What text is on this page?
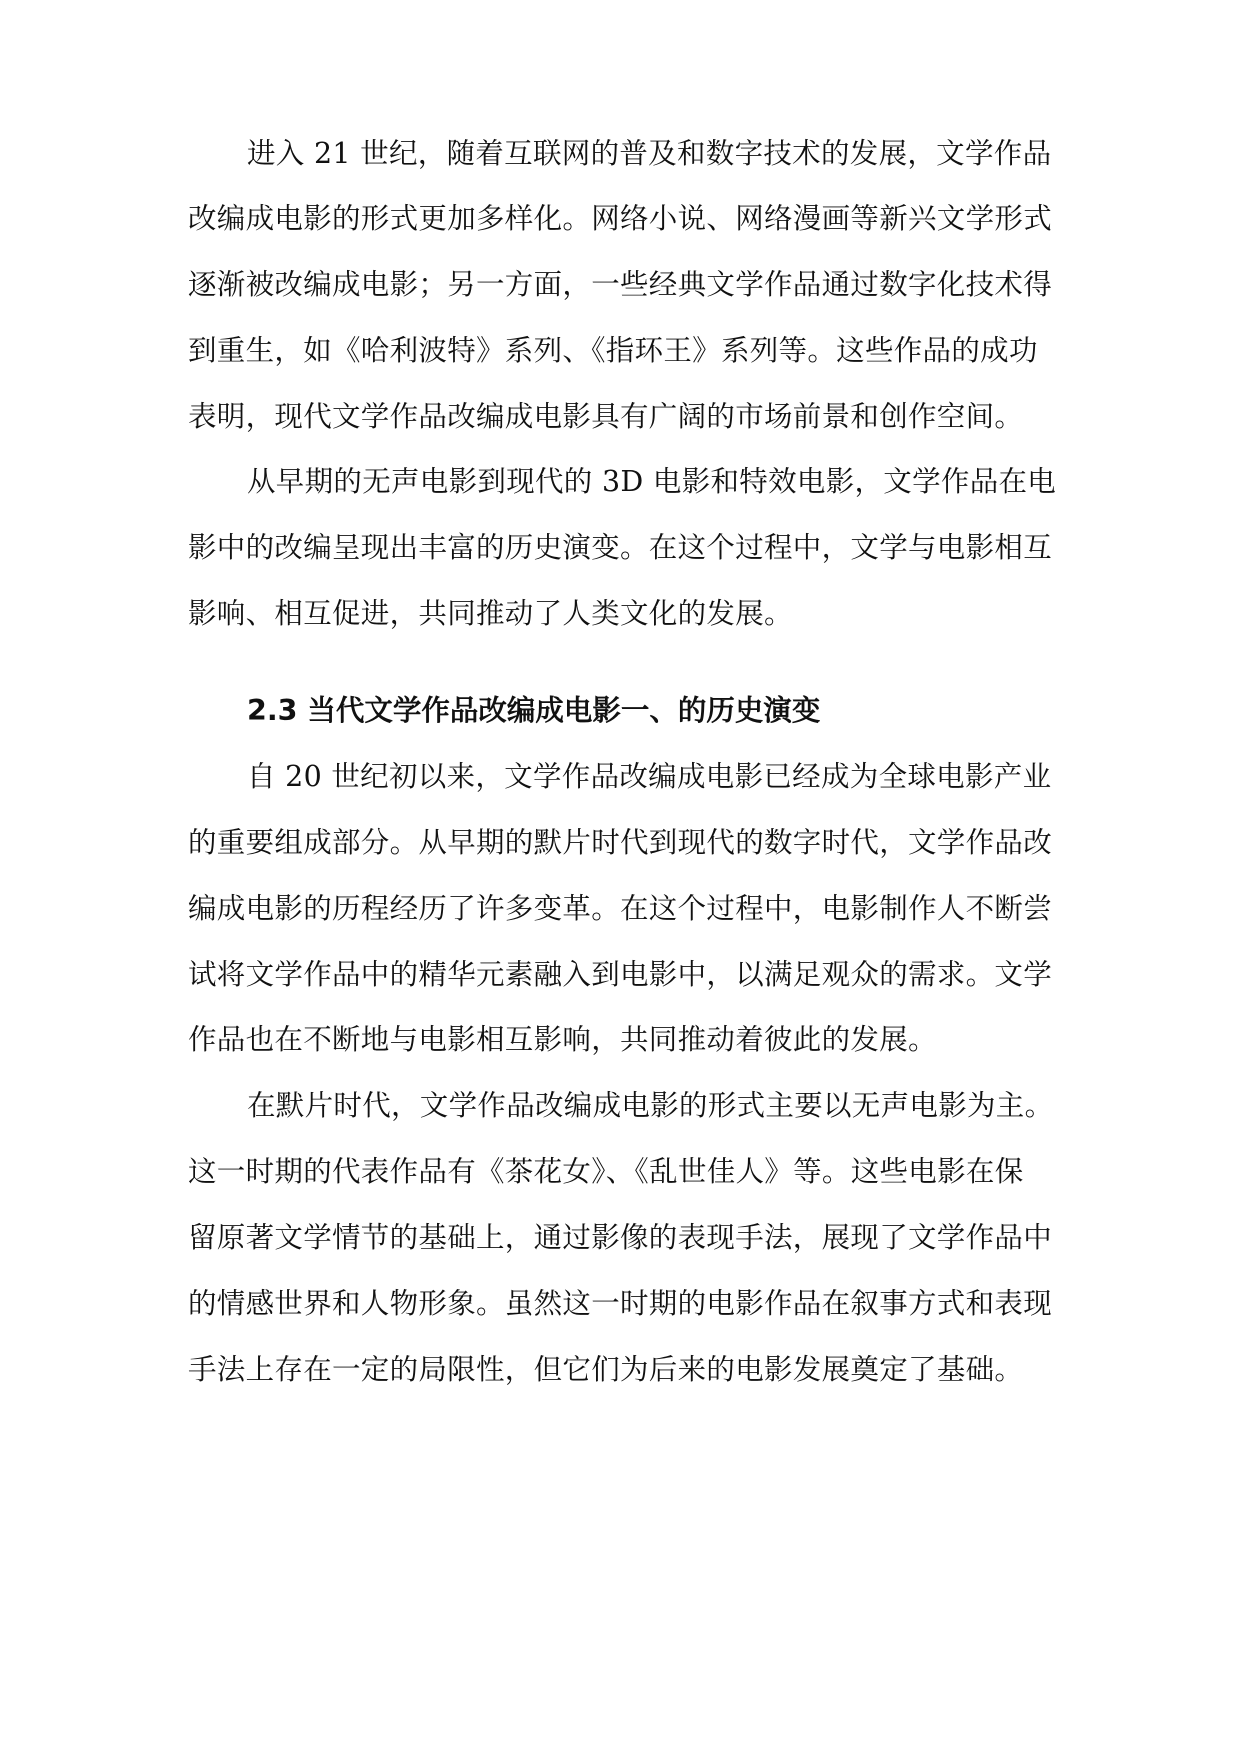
进入 21 世纪，随着互联网的普及和数字技术的发展，文学作品
改编成电影的形式更加多样化。网络小说、网络漫画等新兴文学形式
逐渐被改编成电影；另一方面，一些经典文学作品通过数字化技术得
到重生，如《哈利波特》系列、《指环王》系列等。这些作品的成功
表明，现代文学作品改编成电影具有广阔的市场前景和创作空间。
从早期的无声电影到现代的 3D 电影和特效电影，文学作品在电
影中的改编呈现出丰富的历史演变。在这个过程中，文学与电影相互
影响、相互促进，共同推动了人类文化的发展。
2.3 当代文学作品改编成电影一、的历史演变
自 20 世纪初以来，文学作品改编成电影已经成为全球电影产业
的重要组成部分。从早期的默片时代到现代的数字时代，文学作品改
编成电影的历程经历了许多变革。在这个过程中，电影制作人不断尝
试将文学作品中的精华元素融入到电影中，以满足观众的需求。文学
作品也在不断地与电影相互影响，共同推动着彼此的发展。
在默片时代，文学作品改编成电影的形式主要以无声电影为主。
这一时期的代表作品有《茶花女》、《乱世佳人》等。这些电影在保
留原著文学情节的基础上，通过影像的表现手法，展现了文学作品中
的情感世界和人物形象。虽然这一时期的电影作品在叙事方式和表现
手法上存在一定的局限性，但它们为后来的电影发展奠定了基础。
